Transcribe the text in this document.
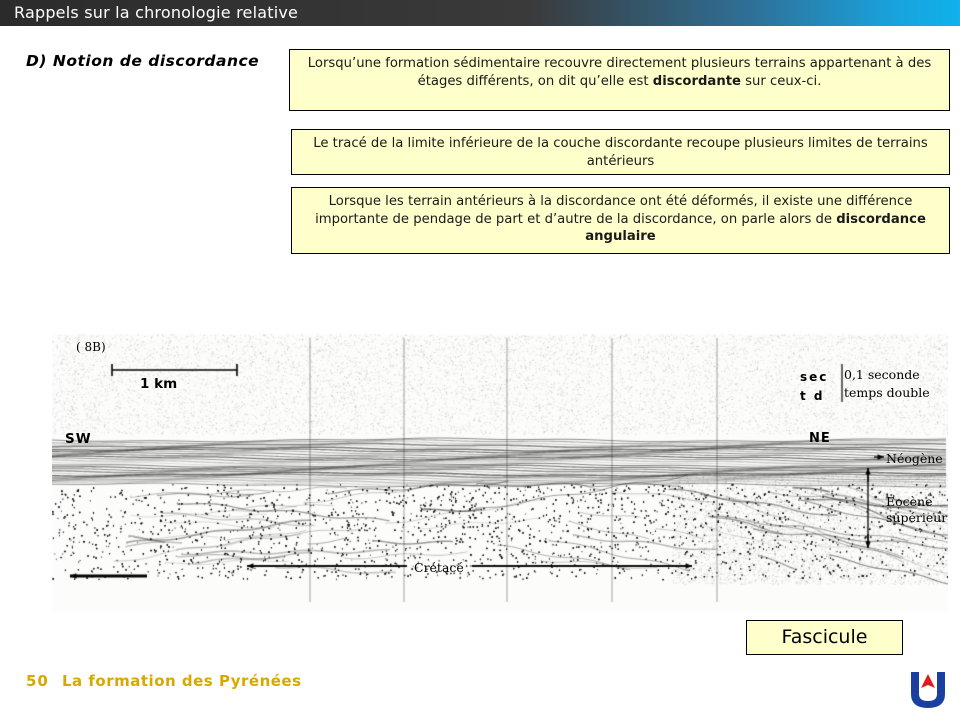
Rappels sur la chronologie relative
D) Notion de discordance	Lorsqu’une formation sédimentaire recouvre directement plusieurs terrains appartenant à des étages différents, on dit qu’elle est discordante sur ceux-ci.
Le tracé de la limite inférieure de la couche discordante recoupe plusieurs limites de terrains antérieurs
Lorsque les terrain antérieurs à la discordance ont été déformés, il existe une différence importante de pendage de part et d’autre de la discordance, on parle alors de discordance angulaire
( 8B)
1 km
SW	NE
sec
t d
0,1 seconde
temps double
Néogène
Eocène
supérieur
Crétacé
Fascicule
50 La formation des Pyrénées
